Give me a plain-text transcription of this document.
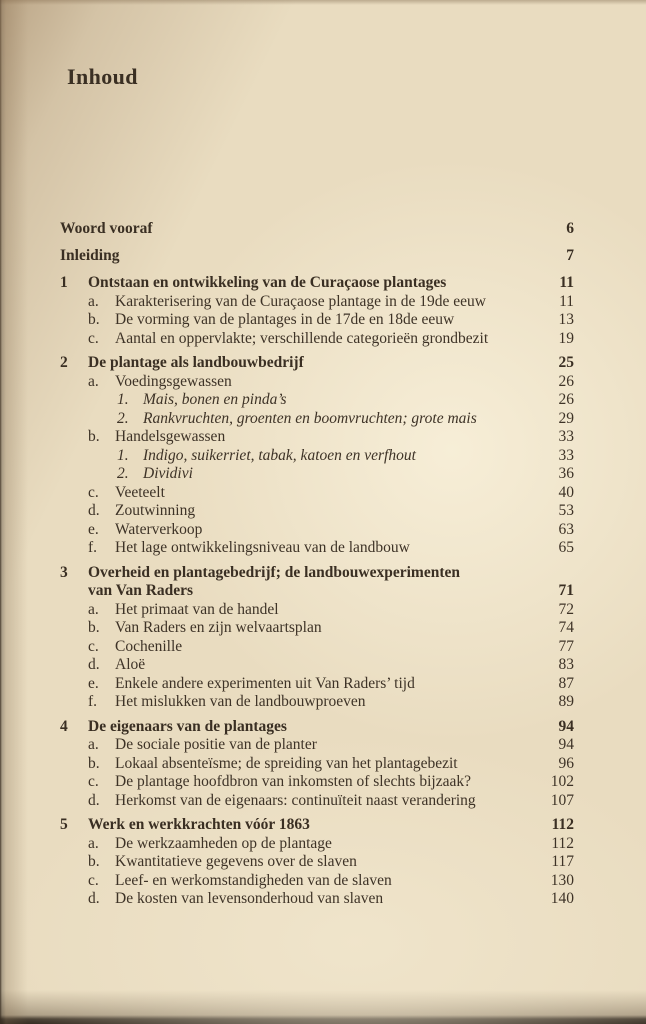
Inhoud
Woord vooraf	6
Inleiding	7
1	Ontstaan en ontwikkeling van de Curaçaose plantages	11
a.	Karakterisering van de Curaçaose plantage in de 19de eeuw	11
b. De vorming van de plantages in de 17de en 18de eeuw	13
c.	Aantal en oppervlakte; verschillende categorieën grondbezit	19
2	De plantage als landbouwbedrijf	25
a.	Voedingsgewassen	26
1. Mais, bonen en pinda’s	26
2. Rankvruchten, groenten en boomvruchten; grote mais	29
b. Handelsgewassen	33
1. Indigo, suikerriet, tabak, katoen en verfhout	33
2. Dividivi	36
c.	Veeteelt	40
d. Zoutwinning	53
e.	Waterverkoop	63
f.	Het lage ontwikkelingsniveau van de landbouw	65
3	Overheid en plantagebedrijf; de landbouwexperimenten
van Van Raders	71
a.	Het primaat van de handel	72
b. Van Raders en zijn welvaartsplan	74
c.	Cochenille	77
d. Aloë	83
e.	Enkele andere experimenten uit Van Raders’ tijd	87
f.	Het mislukken van de landbouwproeven	89
4	De eigenaars van de plantages	94
a.	De sociale positie van de planter	94
b. Lokaal absenteïsme; de spreiding van het plantagebezit	96
c.	De plantage hoofdbron van inkomsten of slechts bijzaak?	102
d. Herkomst van de eigenaars: continuïteit naast verandering	107
5	Werk en werkkrachten vóór 1863	112
a.	De werkzaamheden op de plantage	112
b. Kwantitatieve gegevens over de slaven	117
c.	Leef- en werkomstandigheden van de slaven	130
d. De kosten van levensonderhoud van slaven	140
